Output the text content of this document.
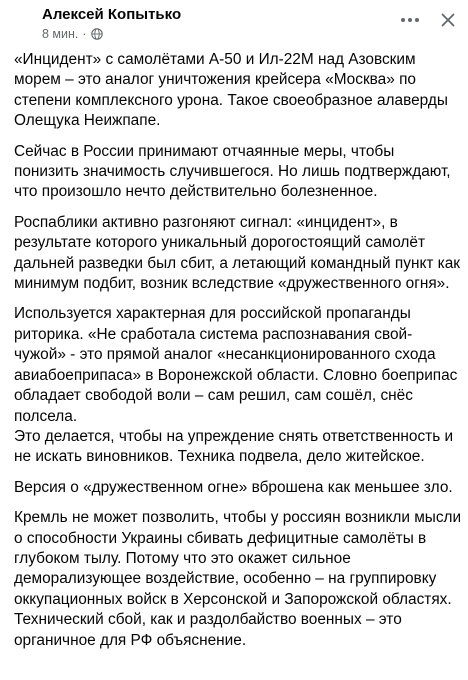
Алексей Копытько
8 мин. ·

«Инцидент» с самолётами А-50 и Ил-22М над Азовским морем – это аналог уничтожения крейсера «Москва» по степени комплексного урона. Такое своеобразное алаверды Олещука Неижпапе.

Сейчас в России принимают отчаянные меры, чтобы понизить значимость случившегося. Но лишь подтверждают, что произошло нечто действительно болезненное.

Роспаблики активно разгоняют сигнал: «инцидент», в результате которого уникальный дорогостоящий самолёт дальней разведки был сбит, а летающий командный пункт как минимум подбит, возник вследствие «дружественного огня».

Используется характерная для российской пропаганды риторика. «Не сработала система распознавания свой-чужой» - это прямой аналог «несанкционированного схода авиабоеприпаса» в Воронежской области. Словно боеприпас обладает свободой воли – сам решил, сам сошёл, снёс полсела.
Это делается, чтобы на упреждение снять ответственность и не искать виновников. Техника подвела, дело житейское.

Версия о «дружественном огне» вброшена как меньшее зло.

Кремль не может позволить, чтобы у россиян возникли мысли о способности Украины сбивать дефицитные самолёты в глубоком тылу. Потому что это окажет сильное деморализующее воздействие, особенно – на группировку оккупационных войск в Херсонской и Запорожской областях. Технический сбой, как и раздолбайство военных – это органичное для РФ объяснение.
